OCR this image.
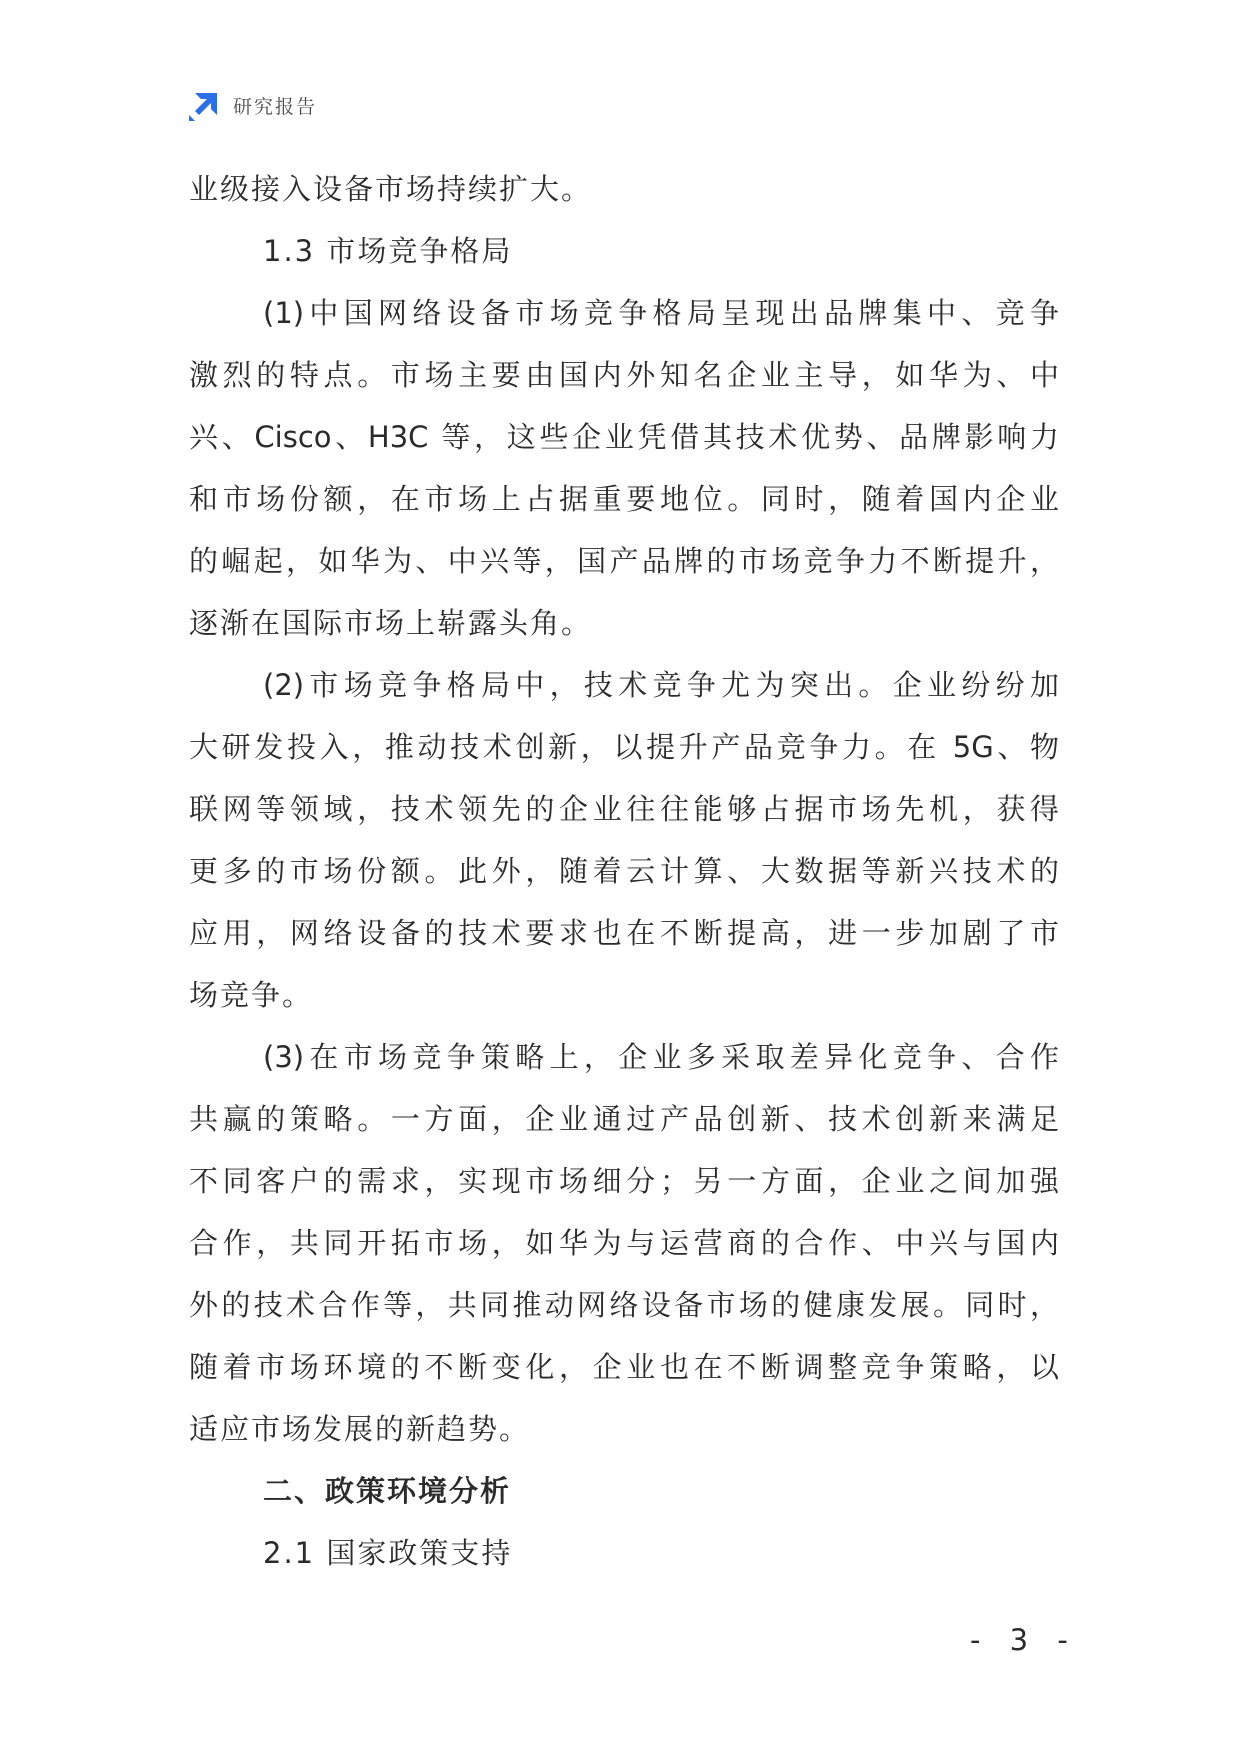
研究报告

业级接入设备市场持续扩大。

1.3 市场竞争格局

(1)中国网络设备市场竞争格局呈现出品牌集中、竞争

激烈的特点。市场主要由国内外知名企业主导，如华为、中

兴、Cisco、H3C 等，这些企业凭借其技术优势、品牌影响力

和市场份额，在市场上占据重要地位。同时，随着国内企业

的崛起，如华为、中兴等，国产品牌的市场竞争力不断提升，

逐渐在国际市场上崭露头角。

(2)市场竞争格局中，技术竞争尤为突出。企业纷纷加

大研发投入，推动技术创新，以提升产品竞争力。在 5G、物

联网等领域，技术领先的企业往往能够占据市场先机，获得

更多的市场份额。此外，随着云计算、大数据等新兴技术的

应用，网络设备的技术要求也在不断提高，进一步加剧了市

场竞争。

(3)在市场竞争策略上，企业多采取差异化竞争、合作

共赢的策略。一方面，企业通过产品创新、技术创新来满足

不同客户的需求，实现市场细分；另一方面，企业之间加强

合作，共同开拓市场，如华为与运营商的合作、中兴与国内

外的技术合作等，共同推动网络设备市场的健康发展。同时，

随着市场环境的不断变化，企业也在不断调整竞争策略，以

适应市场发展的新趋势。

二、政策环境分析

2.1 国家政策支持

- 3 -
